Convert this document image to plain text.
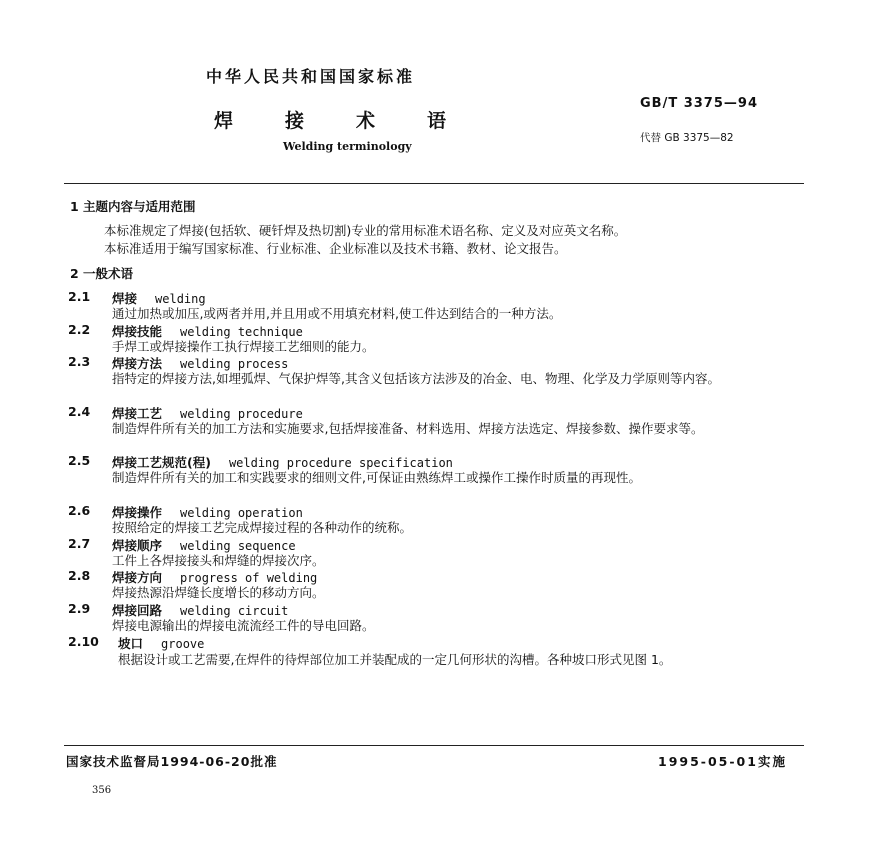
中华人民共和国国家标准
焊接术语
Welding terminology
GB/T 3375—94
代替 GB 3375—82
1 主题内容与适用范围
本标准规定了焊接(包括软、硬钎焊及热切割)专业的常用标准术语名称、定义及对应英文名称。
本标准适用于编写国家标准、行业标准、企业标准以及技术书籍、教材、论文报告。
2 一般术语
2.1 焊接 welding
通过加热或加压,或两者并用,并且用或不用填充材料,使工件达到结合的一种方法。
2.2 焊接技能 welding technique
手焊工或焊接操作工执行焊接工艺细则的能力。
2.3 焊接方法 welding process
指特定的焊接方法,如埋弧焊、气保护焊等,其含义包括该方法涉及的冶金、电、物理、化学及力学原则等内容。
2.4 焊接工艺 welding procedure
制造焊件所有关的加工方法和实施要求,包括焊接准备、材料选用、焊接方法选定、焊接参数、操作要求等。
2.5 焊接工艺规范(程) welding procedure specification
制造焊件所有关的加工和实践要求的细则文件,可保证由熟练焊工或操作工操作时质量的再现性。
2.6 焊接操作 welding operation
按照给定的焊接工艺完成焊接过程的各种动作的统称。
2.7 焊接顺序 welding sequence
工件上各焊接接头和焊缝的焊接次序。
2.8 焊接方向 progress of welding
焊接热源沿焊缝长度增长的移动方向。
2.9 焊接回路 welding circuit
焊接电源输出的焊接电流流经工件的导电回路。
2.10 坡口 groove
根据设计或工艺需要,在焊件的待焊部位加工并装配成的一定几何形状的沟槽。各种坡口形式见图 1。
国家技术监督局1994-06-20批准	1995-05-01实施
356
